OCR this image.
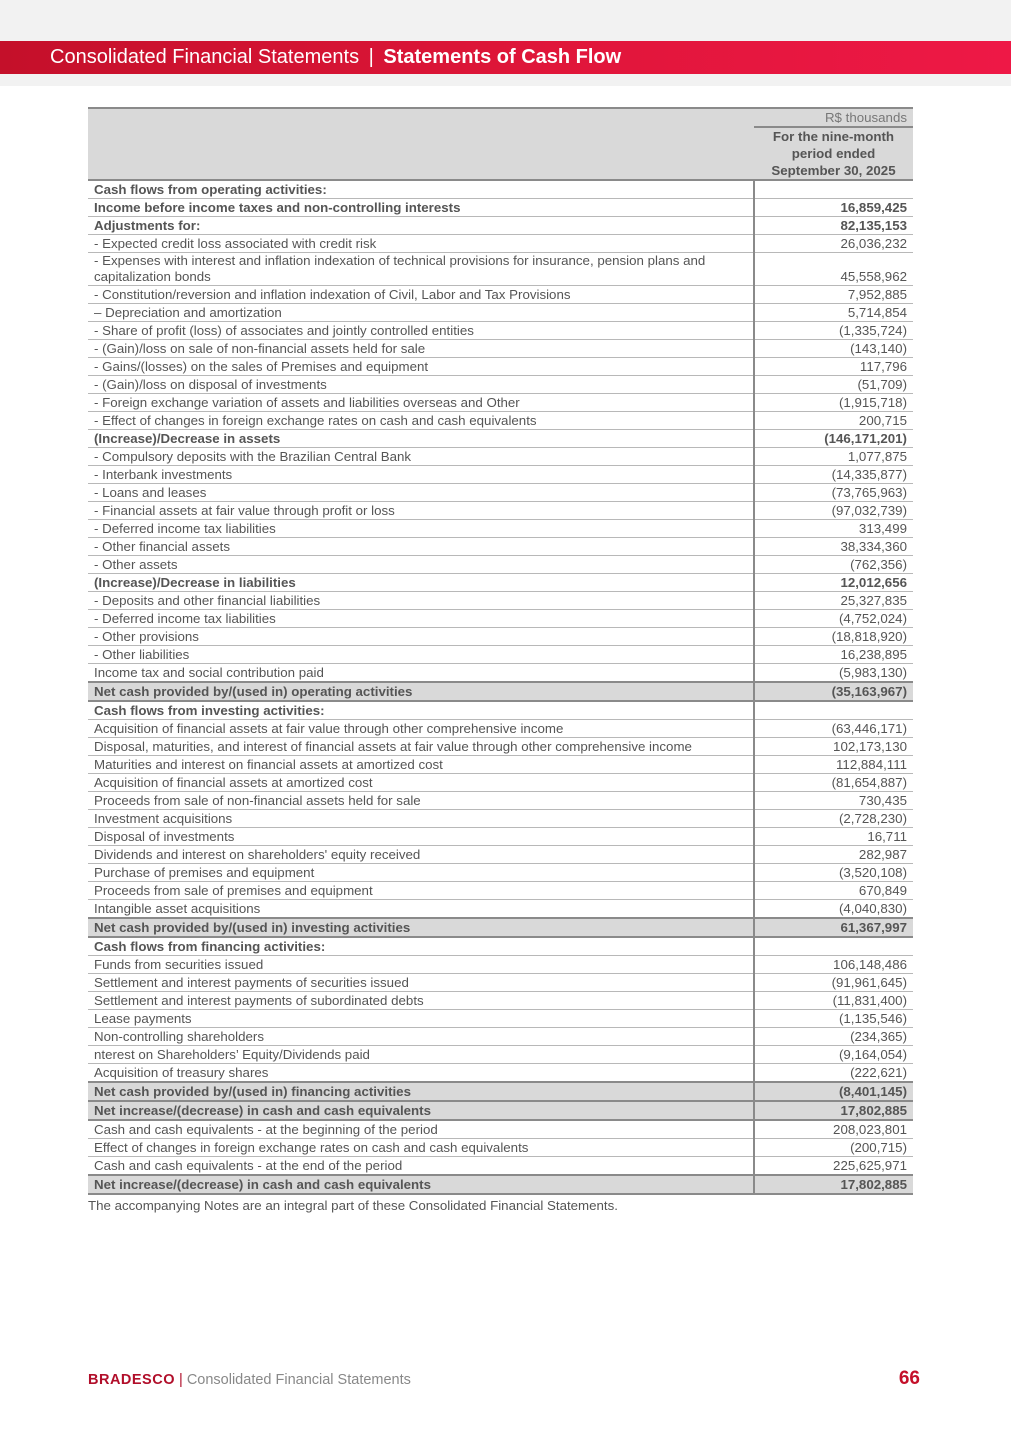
Consolidated Financial Statements | Statements of Cash Flow
	R$ thousands
	For the nine-month period ended September 30, 2025
Cash flows from operating activities:	
Income before income taxes and non-controlling interests	16,859,425
Adjustments for:	82,135,153
- Expected credit loss associated with credit risk	26,036,232
- Expenses with interest and inflation indexation of technical provisions for insurance, pension plans and capitalization bonds	45,558,962
- Constitution/reversion and inflation indexation of Civil, Labor and Tax Provisions	7,952,885
– Depreciation and amortization	5,714,854
- Share of profit (loss) of associates and jointly controlled entities	(1,335,724)
- (Gain)/loss on sale of non-financial assets held for sale	(143,140)
- Gains/(losses) on the sales of Premises and equipment	117,796
- (Gain)/loss on disposal of investments	(51,709)
- Foreign exchange variation of assets and liabilities overseas and Other	(1,915,718)
- Effect of changes in foreign exchange rates on cash and cash equivalents	200,715
(Increase)/Decrease in assets	(146,171,201)
- Compulsory deposits with the Brazilian Central Bank	1,077,875
- Interbank investments	(14,335,877)
- Loans and leases	(73,765,963)
- Financial assets at fair value through profit or loss	(97,032,739)
- Deferred income tax liabilities	313,499
- Other financial assets	38,334,360
- Other assets	(762,356)
(Increase)/Decrease in liabilities	12,012,656
- Deposits and other financial liabilities	25,327,835
- Deferred income tax liabilities	(4,752,024)
- Other provisions	(18,818,920)
- Other liabilities	16,238,895
Income tax and social contribution paid	(5,983,130)
Net cash provided by/(used in) operating activities	(35,163,967)
Cash flows from investing activities:	
Acquisition of financial assets at fair value through other comprehensive income	(63,446,171)
Disposal, maturities, and interest of financial assets at fair value through other comprehensive income	102,173,130
Maturities and interest on financial assets at amortized cost	112,884,111
Acquisition of financial assets at amortized cost	(81,654,887)
Proceeds from sale of non-financial assets held for sale	730,435
Investment acquisitions	(2,728,230)
Disposal of investments	16,711
Dividends and interest on shareholders' equity received	282,987
Purchase of premises and equipment	(3,520,108)
Proceeds from sale of premises and equipment	670,849
Intangible asset acquisitions	(4,040,830)
Net cash provided by/(used in) investing activities	61,367,997
Cash flows from financing activities:	
Funds from securities issued	106,148,486
Settlement and interest payments of securities issued	(91,961,645)
Settlement and interest payments of subordinated debts	(11,831,400)
Lease payments	(1,135,546)
Non-controlling shareholders	(234,365)
nterest on Shareholders’ Equity/Dividends paid	(9,164,054)
Acquisition of treasury shares	(222,621)
Net cash provided by/(used in) financing activities	(8,401,145)
Net increase/(decrease) in cash and cash equivalents	17,802,885
Cash and cash equivalents - at the beginning of the period	208,023,801
Effect of changes in foreign exchange rates on cash and cash equivalents	(200,715)
Cash and cash equivalents - at the end of the period	225,625,971
Net increase/(decrease) in cash and cash equivalents	17,802,885
The accompanying Notes are an integral part of these Consolidated Financial Statements.
BRADESCO | Consolidated Financial Statements	66
